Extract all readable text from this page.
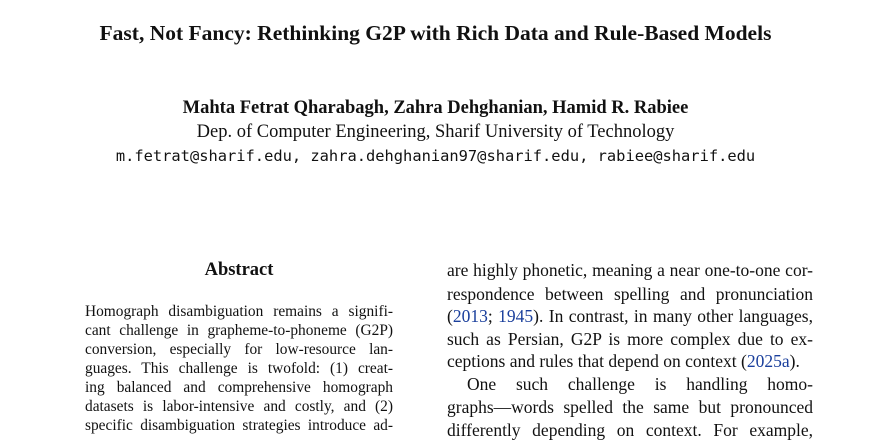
Fast, Not Fancy: Rethinking G2P with Rich Data and Rule-Based Models
Mahta Fetrat Qharabagh, Zahra Dehghanian, Hamid R. Rabiee
Dep. of Computer Engineering, Sharif University of Technology
m.fetrat@sharif.edu, zahra.dehghanian97@sharif.edu, rabiee@sharif.edu
Abstract
Homograph disambiguation remains a signifi-
cant challenge in grapheme-to-phoneme (G2P)
conversion, especially for low-resource lan-
guages. This challenge is twofold: (1) creat-
ing balanced and comprehensive homograph
datasets is labor-intensive and costly, and (2)
specific disambiguation strategies introduce ad-
are highly phonetic, meaning a near one-to-one cor-
respondence between spelling and pronunciation
(2013; 1945). In contrast, in many other languages,
such as Persian, G2P is more complex due to ex-
ceptions and rules that depend on context (2025a).
One such challenge is handling homo-
graphs—words spelled the same but pronounced
differently depending on context. For example,
